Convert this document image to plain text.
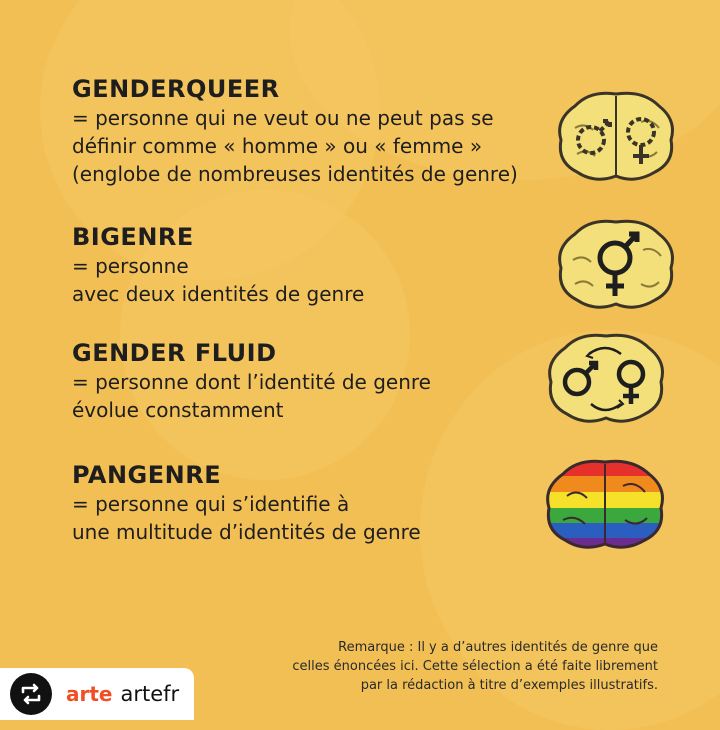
GENDERQUEER

= personne qui ne veut ou ne peut pas se

définir comme « homme » ou « femme »

(englobe de nombreuses identités de genre)

BIGENRE

= personne

avec deux identités de genre

GENDER FLUID

= personne dont l’identité de genre

évolue constamment

PANGENRE

= personne qui s’identifie à

une multitude d’identités de genre

Remarque : Il y a d’autres identités de genre que
celles énoncées ici. Cette sélection a été faite librement
par la rédaction à titre d’exemples illustratifs.
arte artefr
